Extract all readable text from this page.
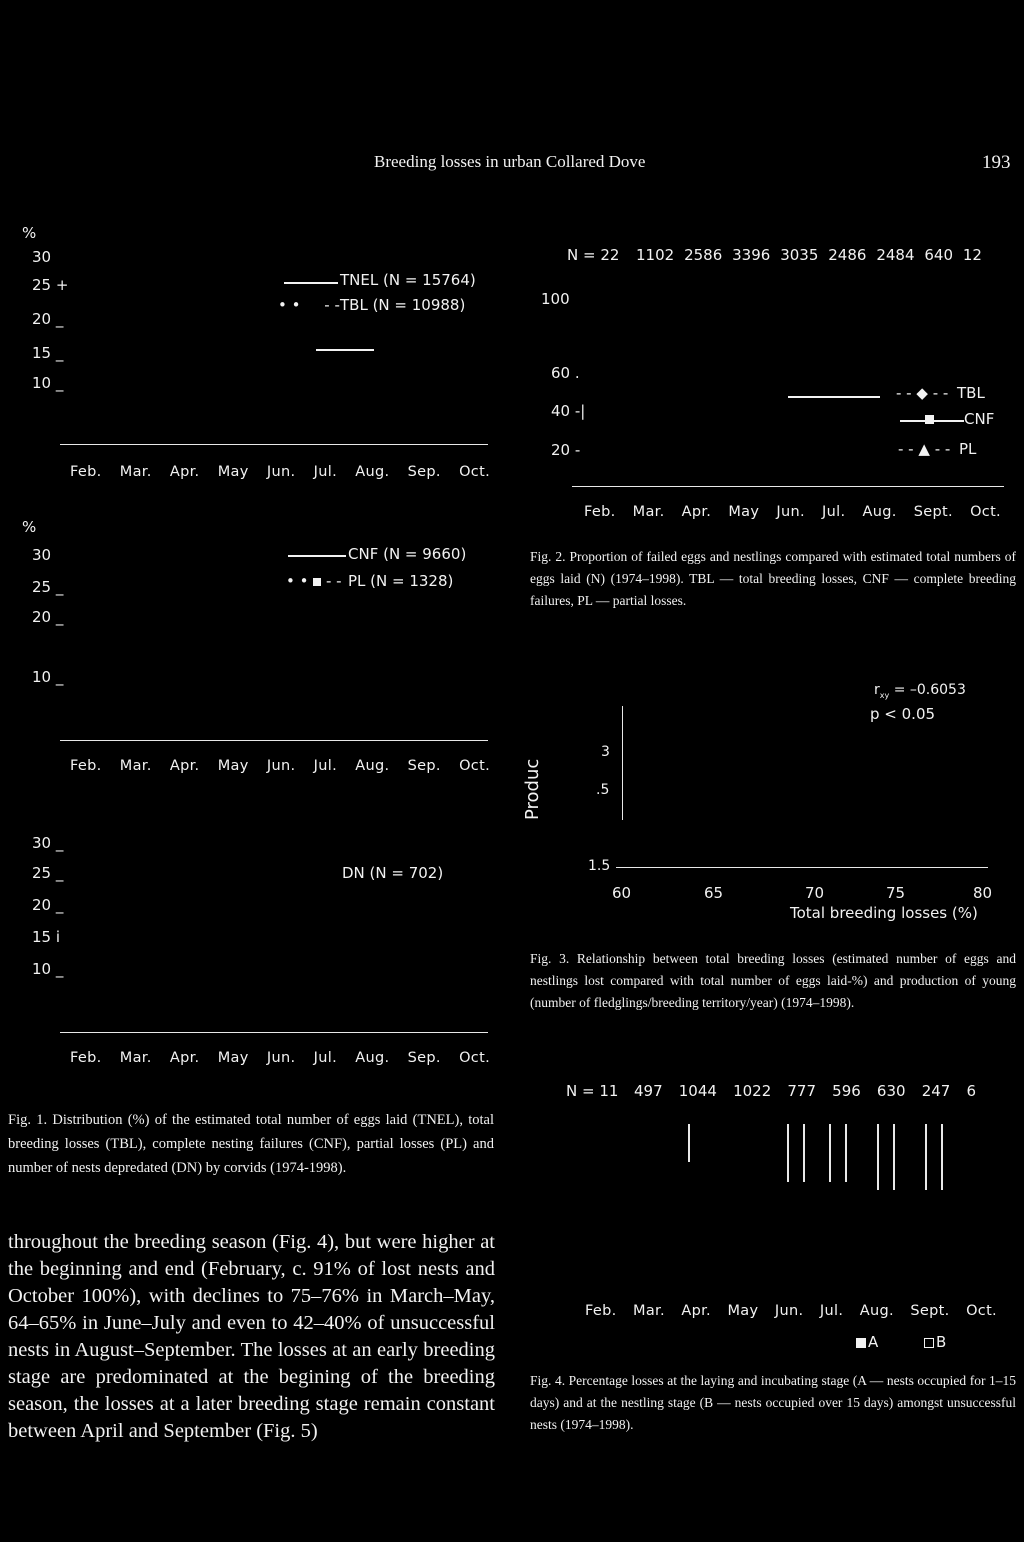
Breeding losses in urban Collared Dove	193
%
30
25 +
20 _
15 _
10 _
TNEL (N = 15764)
• •     - - TBL (N = 10988)
Feb. Mar. Apr. May Jun. Jul. Aug. Sep. Oct.
%
30
25 _
20 _
10 _
CNF (N = 9660)
• •  - - PL (N = 1328)
Feb. Mar. Apr. May Jun. Jul. Aug. Sep. Oct.
30 _
25 _
20 _
15 i
10 _
DN (N = 702)
Feb. Mar. Apr. May Jun. Jul. Aug. Sep. Oct.
Fig. 1. Distribution (%) of the estimated total number of eggs laid (TNEL), total breeding losses (TBL), complete nesting failures (CNF), partial losses (PL) and number of nests depredated (DN) by corvids (1974-1998).
N = 22 1102 2586 3396 3035 2486 2484 640 12
100
60 .
40 -|
20 -
- - ◆ - - TBL
CNF
- - ▲ - - PL
Feb. Mar. Apr. May Jun. Jul. Aug. Sept. Oct.
Fig. 2. Proportion of failed eggs and nestlings compared with estimated total numbers of eggs laid (N) (1974–1998). TBL — total breeding losses, CNF — complete breeding failures, PL — partial losses.
$r_{xy} = -0.6053$
p < 0.05
3
.5
1.5
Produc
60	65	70	75	80
Total breeding losses (%)
Fig. 3. Relationship between total breeding losses (estimated number of eggs and nestlings lost compared with total number of eggs laid-%) and production of young (number of fledglings/breeding territory/year) (1974–1998).
N = 11 497 1044 1022 777 596 630 247 6
Feb. Mar. Apr. May Jun. Jul. Aug. Sept. Oct.
A	B
Fig. 4. Percentage losses at the laying and incubating stage (A — nests occupied for 1–15 days) and at the nestling stage (B — nests occupied over 15 days) amongst unsuccessful nests (1974–1998).
throughout the breeding season (Fig. 4), but were higher at the beginning and end (February, c. 91% of lost nests and October 100%), with declines to 75–76% in March–May, 64–65% in June–July and even to 42–40% of unsuccessful nests in August–September. The losses at an early breeding stage are predominated at the begining of the breeding season, the losses at a later breeding stage remain constant between April and September (Fig. 5)
